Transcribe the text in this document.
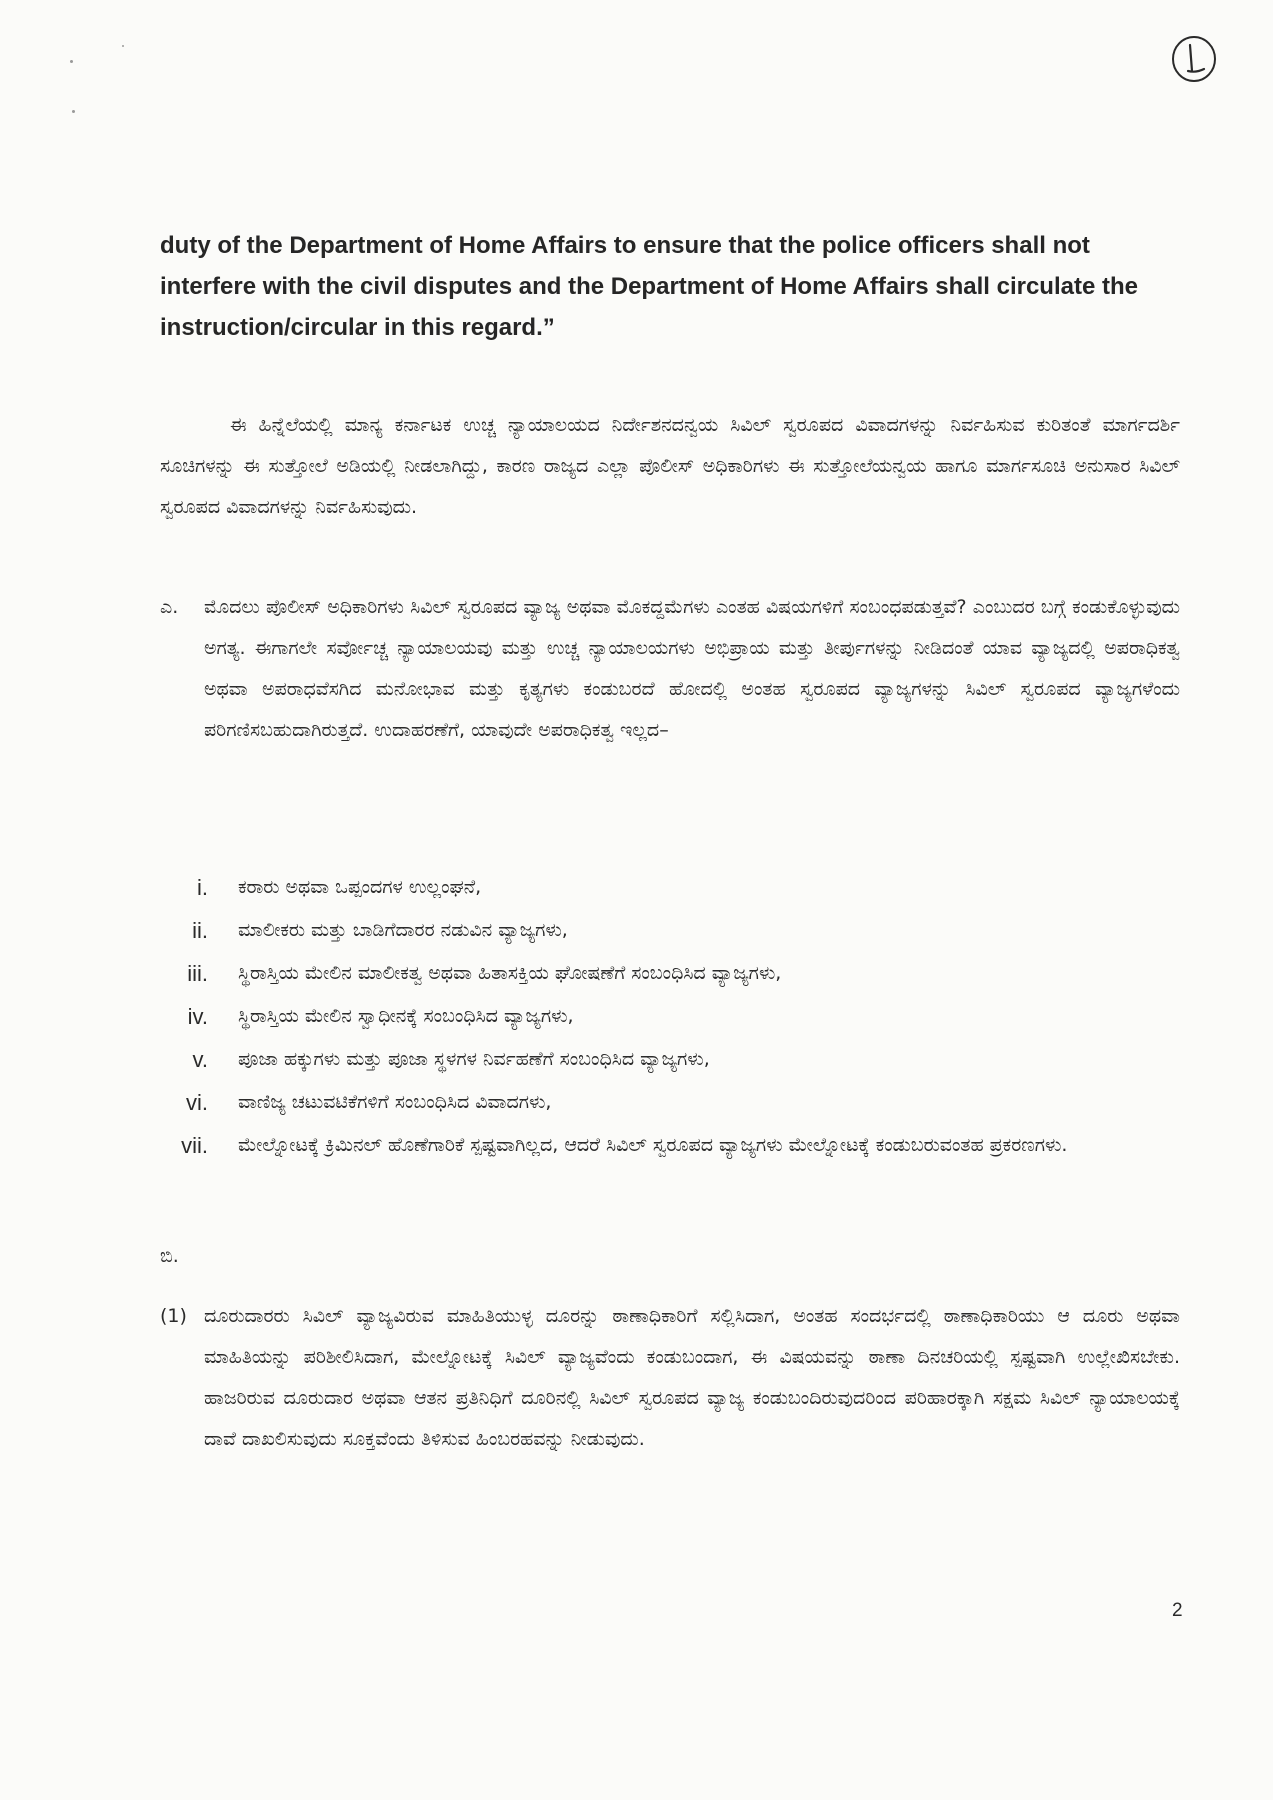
duty of the Department of Home Affairs to ensure that the police officers shall not interfere with the civil disputes and the Department of Home Affairs shall circulate the instruction/circular in this regard.”
ಈ ಹಿನ್ನೆಲೆಯಲ್ಲಿ ಮಾನ್ಯ ಕರ್ನಾಟಕ ಉಚ್ಚ ನ್ಯಾಯಾಲಯದ ನಿರ್ದೇಶನದನ್ವಯ ಸಿವಿಲ್ ಸ್ವರೂಪದ ವಿವಾದಗಳನ್ನು ನಿರ್ವಹಿಸುವ ಕುರಿತಂತೆ ಮಾರ್ಗದರ್ಶಿ ಸೂಚಿಗಳನ್ನು ಈ ಸುತ್ತೋಲೆ ಅಡಿಯಲ್ಲಿ ನೀಡಲಾಗಿದ್ದು, ಕಾರಣ ರಾಜ್ಯದ ಎಲ್ಲಾ ಪೊಲೀಸ್ ಅಧಿಕಾರಿಗಳು ಈ ಸುತ್ತೋಲೆಯನ್ವಯ ಹಾಗೂ ಮಾರ್ಗಸೂಚಿ ಅನುಸಾರ ಸಿವಿಲ್ ಸ್ವರೂಪದ ವಿವಾದಗಳನ್ನು ನಿರ್ವಹಿಸುವುದು.
ಎ. ಮೊದಲು ಪೊಲೀಸ್ ಅಧಿಕಾರಿಗಳು ಸಿವಿಲ್ ಸ್ವರೂಪದ ವ್ಯಾಜ್ಯ ಅಥವಾ ಮೊಕದ್ದಮೆಗಳು ಎಂತಹ ವಿಷಯಗಳಿಗೆ ಸಂಬಂಧಪಡುತ್ತವೆ? ಎಂಬುದರ ಬಗ್ಗೆ ಕಂಡುಕೊಳ್ಳುವುದು ಅಗತ್ಯ. ಈಗಾಗಲೇ ಸರ್ವೋಚ್ಚ ನ್ಯಾಯಾಲಯವು ಮತ್ತು ಉಚ್ಚ ನ್ಯಾಯಾಲಯಗಳು ಅಭಿಪ್ರಾಯ ಮತ್ತು ತೀರ್ಪುಗಳನ್ನು ನೀಡಿದಂತೆ ಯಾವ ವ್ಯಾಜ್ಯದಲ್ಲಿ ಅಪರಾಧಿಕತ್ವ ಅಥವಾ ಅಪರಾಧವೆಸಗಿದ ಮನೋಭಾವ ಮತ್ತು ಕೃತ್ಯಗಳು ಕಂಡುಬರದೆ ಹೋದಲ್ಲಿ ಅಂತಹ ಸ್ವರೂಪದ ವ್ಯಾಜ್ಯಗಳನ್ನು ಸಿವಿಲ್ ಸ್ವರೂಪದ ವ್ಯಾಜ್ಯಗಳೆಂದು ಪರಿಗಣಿಸಬಹುದಾಗಿರುತ್ತದೆ. ಉದಾಹರಣೆಗೆ, ಯಾವುದೇ ಅಪರಾಧಿಕತ್ವ ಇಲ್ಲದ–
i. ಕರಾರು ಅಥವಾ ಒಪ್ಪಂದಗಳ ಉಲ್ಲಂಘನೆ,
ii. ಮಾಲೀಕರು ಮತ್ತು ಬಾಡಿಗೆದಾರರ ನಡುವಿನ ವ್ಯಾಜ್ಯಗಳು,
iii. ಸ್ಥಿರಾಸ್ತಿಯ ಮೇಲಿನ ಮಾಲೀಕತ್ವ ಅಥವಾ ಹಿತಾಸಕ್ತಿಯ ಘೋಷಣೆಗೆ ಸಂಬಂಧಿಸಿದ ವ್ಯಾಜ್ಯಗಳು,
iv. ಸ್ಥಿರಾಸ್ತಿಯ ಮೇಲಿನ ಸ್ವಾಧೀನಕ್ಕೆ ಸಂಬಂಧಿಸಿದ ವ್ಯಾಜ್ಯಗಳು,
v. ಪೂಜಾ ಹಕ್ಕುಗಳು ಮತ್ತು ಪೂಜಾ ಸ್ಥಳಗಳ ನಿರ್ವಹಣೆಗೆ ಸಂಬಂಧಿಸಿದ ವ್ಯಾಜ್ಯಗಳು,
vi. ವಾಣಿಜ್ಯ ಚಟುವಟಿಕೆಗಳಿಗೆ ಸಂಬಂಧಿಸಿದ ವಿವಾದಗಳು,
vii. ಮೇಲ್ನೋಟಕ್ಕೆ ಕ್ರಿಮಿನಲ್ ಹೊಣೆಗಾರಿಕೆ ಸ್ಪಷ್ಟವಾಗಿಲ್ಲದ, ಆದರೆ ಸಿವಿಲ್ ಸ್ವರೂಪದ ವ್ಯಾಜ್ಯಗಳು ಮೇಲ್ನೋಟಕ್ಕೆ ಕಂಡುಬರುವಂತಹ ಪ್ರಕರಣಗಳು.
ಬಿ.
(1) ದೂರುದಾರರು ಸಿವಿಲ್ ವ್ಯಾಜ್ಯವಿರುವ ಮಾಹಿತಿಯುಳ್ಳ ದೂರನ್ನು ಠಾಣಾಧಿಕಾರಿಗೆ ಸಲ್ಲಿಸಿದಾಗ, ಅಂತಹ ಸಂದರ್ಭದಲ್ಲಿ ಠಾಣಾಧಿಕಾರಿಯು ಆ ದೂರು ಅಥವಾ ಮಾಹಿತಿಯನ್ನು ಪರಿಶೀಲಿಸಿದಾಗ, ಮೇಲ್ನೋಟಕ್ಕೆ ಸಿವಿಲ್ ವ್ಯಾಜ್ಯವೆಂದು ಕಂಡುಬಂದಾಗ, ಈ ವಿಷಯವನ್ನು ಠಾಣಾ ದಿನಚರಿಯಲ್ಲಿ ಸ್ಪಷ್ಟವಾಗಿ ಉಲ್ಲೇಖಿಸಬೇಕು. ಹಾಜರಿರುವ ದೂರುದಾರ ಅಥವಾ ಆತನ ಪ್ರತಿನಿಧಿಗೆ ದೂರಿನಲ್ಲಿ ಸಿವಿಲ್ ಸ್ವರೂಪದ ವ್ಯಾಜ್ಯ ಕಂಡುಬಂದಿರುವುದರಿಂದ ಪರಿಹಾರಕ್ಕಾಗಿ ಸಕ್ಷಮ ಸಿವಿಲ್ ನ್ಯಾಯಾಲಯಕ್ಕೆ ದಾವೆ ದಾಖಲಿಸುವುದು ಸೂಕ್ತವೆಂದು ತಿಳಿಸುವ ಹಿಂಬರಹವನ್ನು ನೀಡುವುದು.
2
